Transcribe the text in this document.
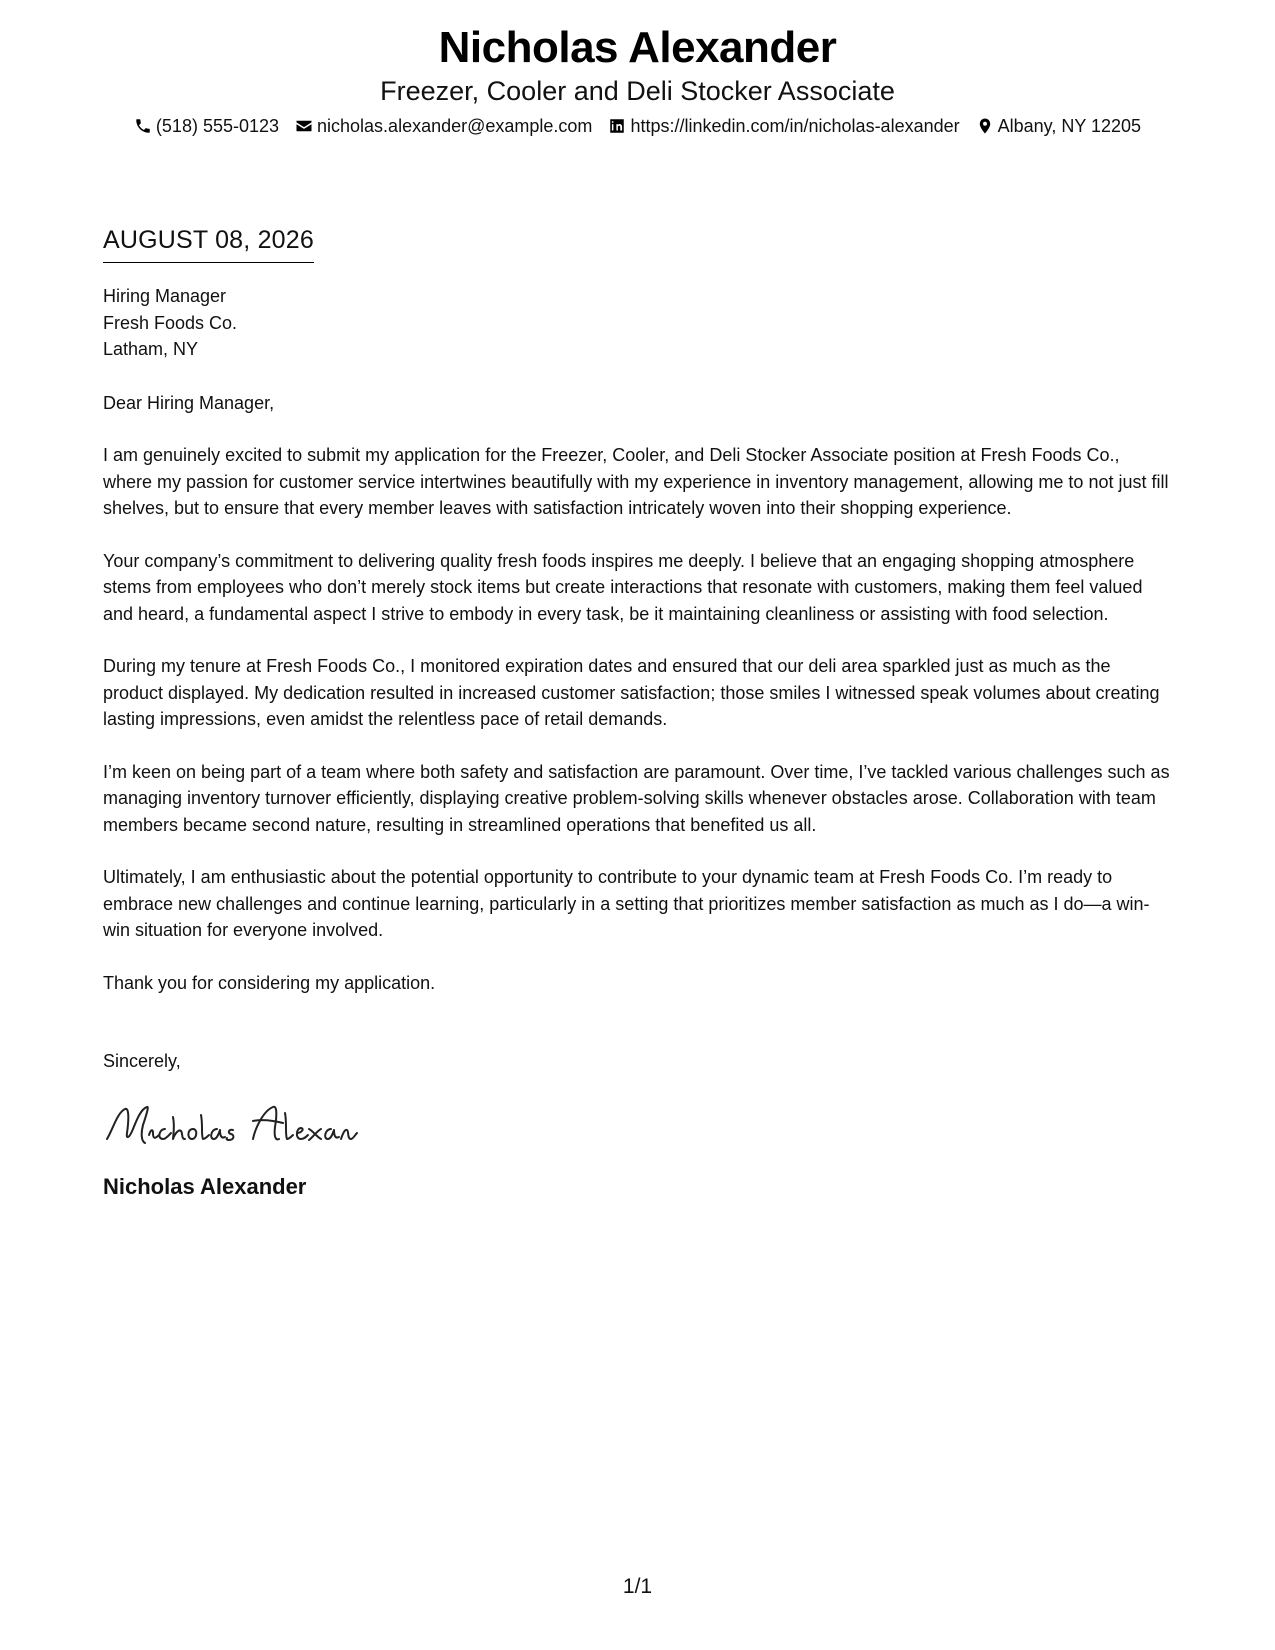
Nicholas Alexander
Freezer, Cooler and Deli Stocker Associate
(518) 555-0123 nicholas.alexander@example.com https://linkedin.com/in/nicholas-alexander Albany, NY 12205
AUGUST 08, 2026
Hiring Manager
Fresh Foods Co.
Latham, NY
Dear Hiring Manager,

I am genuinely excited to submit my application for the Freezer, Cooler, and Deli Stocker Associate position at Fresh Foods Co., where my passion for customer service intertwines beautifully with my experience in inventory management, allowing me to not just fill shelves, but to ensure that every member leaves with satisfaction intricately woven into their shopping experience.

Your company’s commitment to delivering quality fresh foods inspires me deeply. I believe that an engaging shopping atmosphere stems from employees who don’t merely stock items but create interactions that resonate with customers, making them feel valued and heard, a fundamental aspect I strive to embody in every task, be it maintaining cleanliness or assisting with food selection.

During my tenure at Fresh Foods Co., I monitored expiration dates and ensured that our deli area sparkled just as much as the product displayed. My dedication resulted in increased customer satisfaction; those smiles I witnessed speak volumes about creating lasting impressions, even amidst the relentless pace of retail demands.

I’m keen on being part of a team where both safety and satisfaction are paramount. Over time, I’ve tackled various challenges such as managing inventory turnover efficiently, displaying creative problem-solving skills whenever obstacles arose. Collaboration with team members became second nature, resulting in streamlined operations that benefited us all.

Ultimately, I am enthusiastic about the potential opportunity to contribute to your dynamic team at Fresh Foods Co. I’m ready to embrace new challenges and continue learning, particularly in a setting that prioritizes member satisfaction as much as I do—a win-win situation for everyone involved.

Thank you for considering my application.

Sincerely,
Nicholas Alexander
1/1
